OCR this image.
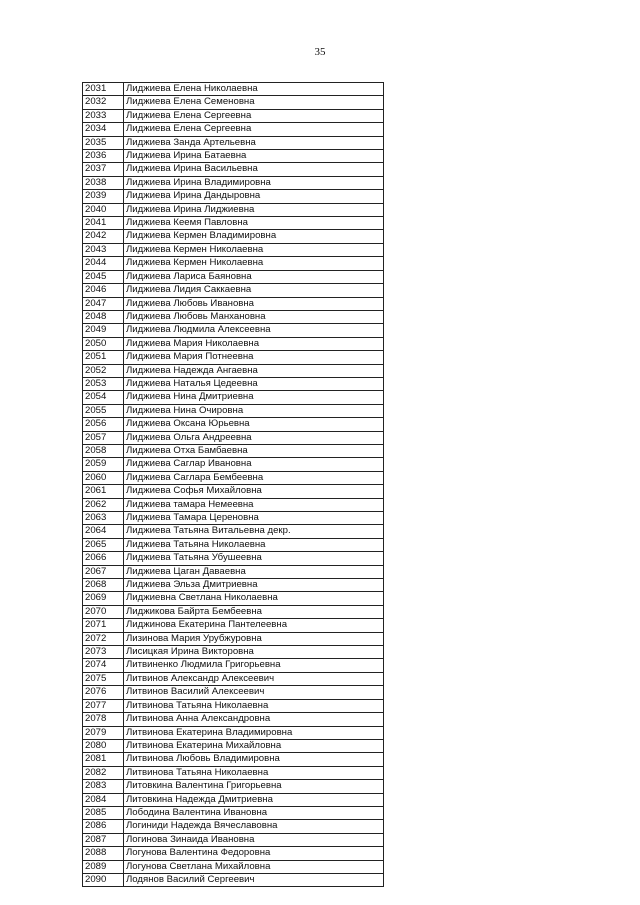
35
2031	Лиджиева Елена Николаевна
2032	Лиджиева Елена Семеновна
2033	Лиджиева Елена Сергеевна
2034	Лиджиева Елена Сергеевна
2035	Лиджиева Занда Артельевна
2036	Лиджиева Ирина Батаевна
2037	Лиджиева Ирина Васильевна
2038	Лиджиева Ирина Владимировна
2039	Лиджиева Ирина Дандыровна
2040	Лиджиева Ирина Лиджиевна
2041	Лиджиева Кеемя Павловна
2042	Лиджиева Кермен Владимировна
2043	Лиджиева Кермен Николаевна
2044	Лиджиева Кермен Николаевна
2045	Лиджиева Лариса Баяновна
2046	Лиджиева Лидия Саккаевна
2047	Лиджиева Любовь Ивановна
2048	Лиджиева Любовь Манхановна
2049	Лиджиева Людмила Алексеевна
2050	Лиджиева Мария Николаевна
2051	Лиджиева Мария Потнеевна
2052	Лиджиева Надежда Ангаевна
2053	Лиджиева Наталья Цедеевна
2054	Лиджиева Нина Дмитриевна
2055	Лиджиева Нина Очировна
2056	Лиджиева Оксана Юрьевна
2057	Лиджиева Ольга Андреевна
2058	Лиджиева Отха Бамбаевна
2059	Лиджиева Саглар Ивановна
2060	Лиджиева Саглара Бембеевна
2061	Лиджиева Софья Михайловна
2062	Лиджиева тамара Немеевна
2063	Лиджиева Тамара Цереновна
2064	Лиджиева Татьяна Витальевна декр.
2065	Лиджиева Татьяна Николаевна
2066	Лиджиева Татьяна Убушеевна
2067	Лиджиева Цаган Даваевна
2068	Лиджиева Эльза Дмитриевна
2069	Лиджиевна Светлана Николаевна
2070	Лиджикова Байрта Бембеевна
2071	Лиджинова Екатерина Пантелеевна
2072	Лизинова Мария Урубжуровна
2073	Лисицкая Ирина Викторовна
2074	Литвиненко Людмила Григорьевна
2075	Литвинов Александр Алексеевич
2076	Литвинов Василий Алексеевич
2077	Литвинова Татьяна Николаевна
2078	Литвинова Анна Александровна
2079	Литвинова Екатерина Владимировна
2080	Литвинова Екатерина Михайловна
2081	Литвинова Любовь Владимировна
2082	Литвинова Татьяна Николаевна
2083	Литовкина Валентина Григорьевна
2084	Литовкина Надежда Дмитриевна
2085	Лободина Валентина Ивановна
2086	Логиниди Надежда Вячеславовна
2087	Логинова Зинаида Ивановна
2088	Логунова Валентина Федоровна
2089	Логунова Светлана Михайловна
2090	Лодянов Василий Сергеевич
